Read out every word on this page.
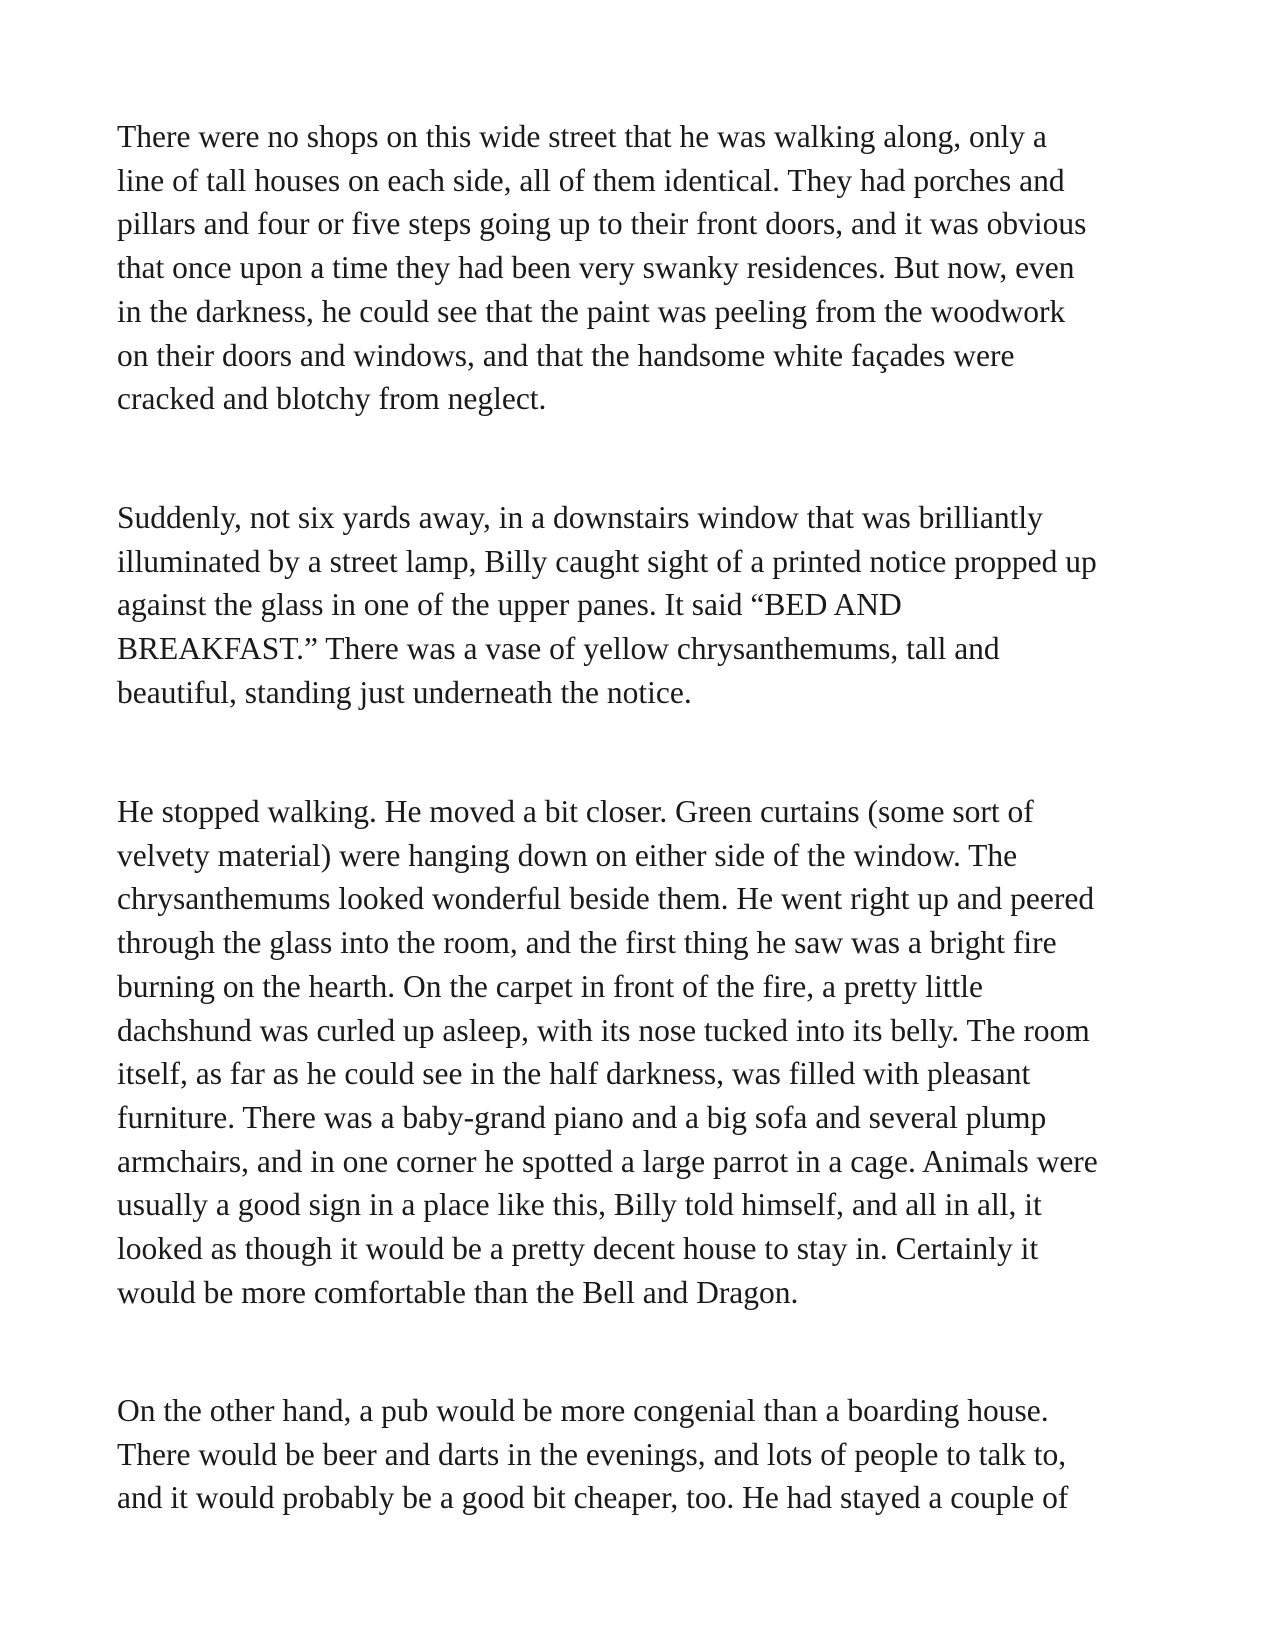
There were no shops on this wide street that he was walking along, only a
line of tall houses on each side, all of them identical. They had porches and
pillars and four or five steps going up to their front doors, and it was obvious
that once upon a time they had been very swanky residences. But now, even
in the darkness, he could see that the paint was peeling from the woodwork
on their doors and windows, and that the handsome white façades were
cracked and blotchy from neglect.

Suddenly, not six yards away, in a downstairs window that was brilliantly
illuminated by a street lamp, Billy caught sight of a printed notice propped up
against the glass in one of the upper panes. It said “BED AND
BREAKFAST.” There was a vase of yellow chrysanthemums, tall and
beautiful, standing just underneath the notice.

He stopped walking. He moved a bit closer. Green curtains (some sort of
velvety material) were hanging down on either side of the window. The
chrysanthemums looked wonderful beside them. He went right up and peered
through the glass into the room, and the first thing he saw was a bright fire
burning on the hearth. On the carpet in front of the fire, a pretty little
dachshund was curled up asleep, with its nose tucked into its belly. The room
itself, as far as he could see in the half darkness, was filled with pleasant
furniture. There was a baby-grand piano and a big sofa and several plump
armchairs, and in one corner he spotted a large parrot in a cage. Animals were
usually a good sign in a place like this, Billy told himself, and all in all, it
looked as though it would be a pretty decent house to stay in. Certainly it
would be more comfortable than the Bell and Dragon.

On the other hand, a pub would be more congenial than a boarding house.
There would be beer and darts in the evenings, and lots of people to talk to,
and it would probably be a good bit cheaper, too. He had stayed a couple of
